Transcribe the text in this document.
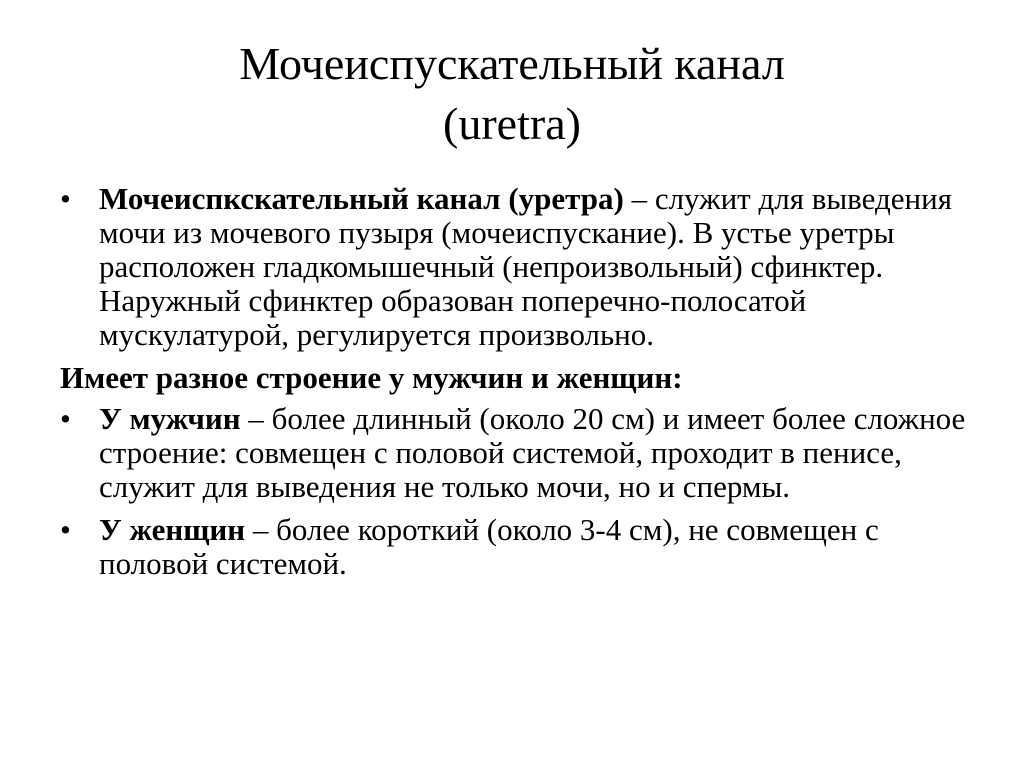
Мочеиспускательный канал
(uretra)
• Мочеиспкскательный канал (уретра) – служит для выведения мочи из мочевого пузыря (мочеиспускание). В устье уретры расположен гладкомышечный (непроизвольный) сфинктер. Наружный сфинктер образован поперечно-полосатой мускулатурой, регулируется произвольно.
Имеет разное строение у мужчин и женщин:
• У мужчин – более длинный (около 20 см) и имеет более сложное строение: совмещен с половой системой, проходит в пенисе, служит для выведения не только мочи, но и спермы.
• У женщин – более короткий (около 3-4 см), не совмещен с половой системой.
